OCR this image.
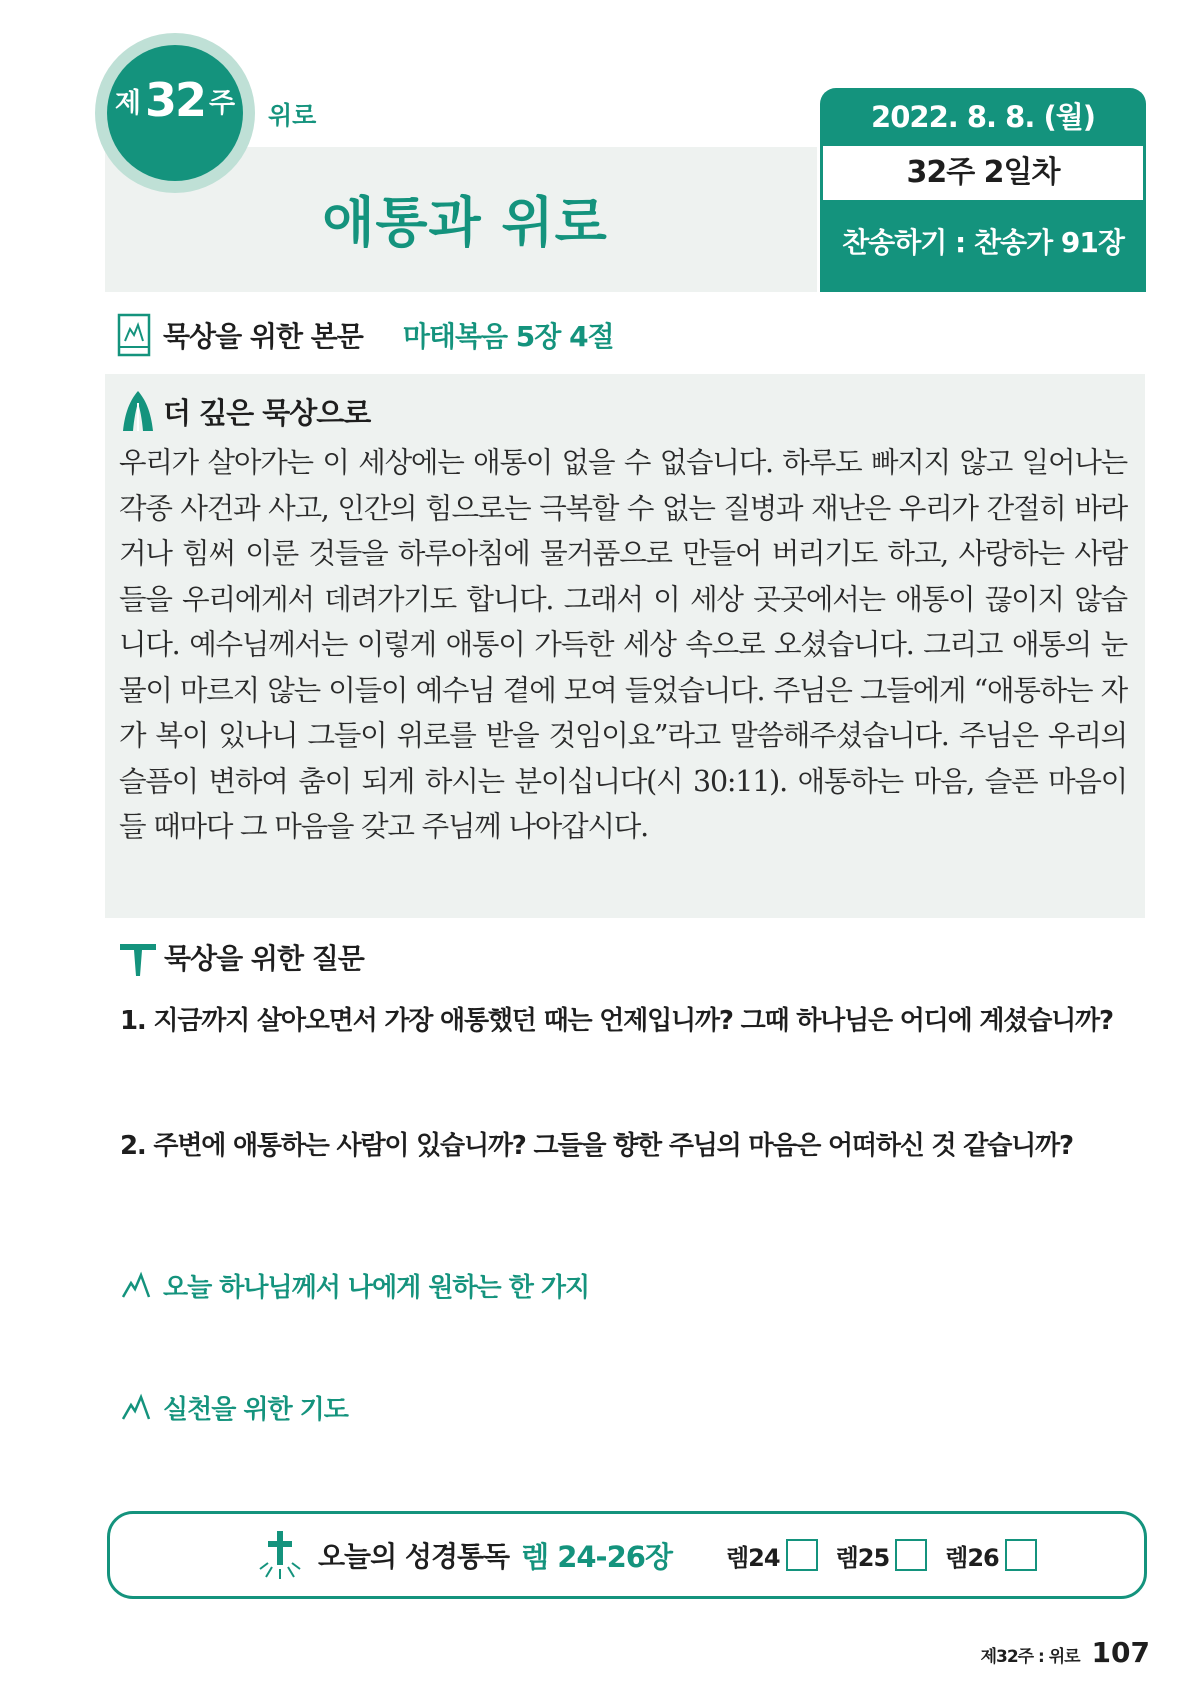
제 32 주 위로
애통과 위로
2022. 8. 8. (월)
32주 2일차
찬송하기 : 찬송가 91장
묵상을 위한 본문 마태복음 5장 4절
더 깊은 묵상으로
우리가 살아가는 이 세상에는 애통이 없을 수 없습니다. 하루도 빠지지 않고 일어나는 각종 사건과 사고, 인간의 힘으로는 극복할 수 없는 질병과 재난은 우리가 간절히 바라거나 힘써 이룬 것들을 하루아침에 물거품으로 만들어 버리기도 하고, 사랑하는 사람들을 우리에게서 데려가기도 합니다. 그래서 이 세상 곳곳에서는 애통이 끊이지 않습니다. 예수님께서는 이렇게 애통이 가득한 세상 속으로 오셨습니다. 그리고 애통의 눈물이 마르지 않는 이들이 예수님 곁에 모여 들었습니다. 주님은 그들에게 “애통하는 자가 복이 있나니 그들이 위로를 받을 것임이요”라고 말씀해주셨습니다. 주님은 우리의 슬픔이 변하여 춤이 되게 하시는 분이십니다(시 30:11). 애통하는 마음, 슬픈 마음이 들 때마다 그 마음을 갖고 주님께 나아갑시다.
묵상을 위한 질문
1. 지금까지 살아오면서 가장 애통했던 때는 언제입니까? 그때 하나님은 어디에 계셨습니까?
2. 주변에 애통하는 사람이 있습니까? 그들을 향한 주님의 마음은 어떠하신 것 같습니까?
오늘 하나님께서 나에게 원하는 한 가지
실천을 위한 기도
오늘의 성경통독 렘 24-26장 렘24 렘25 렘26
제32주 : 위로 107
